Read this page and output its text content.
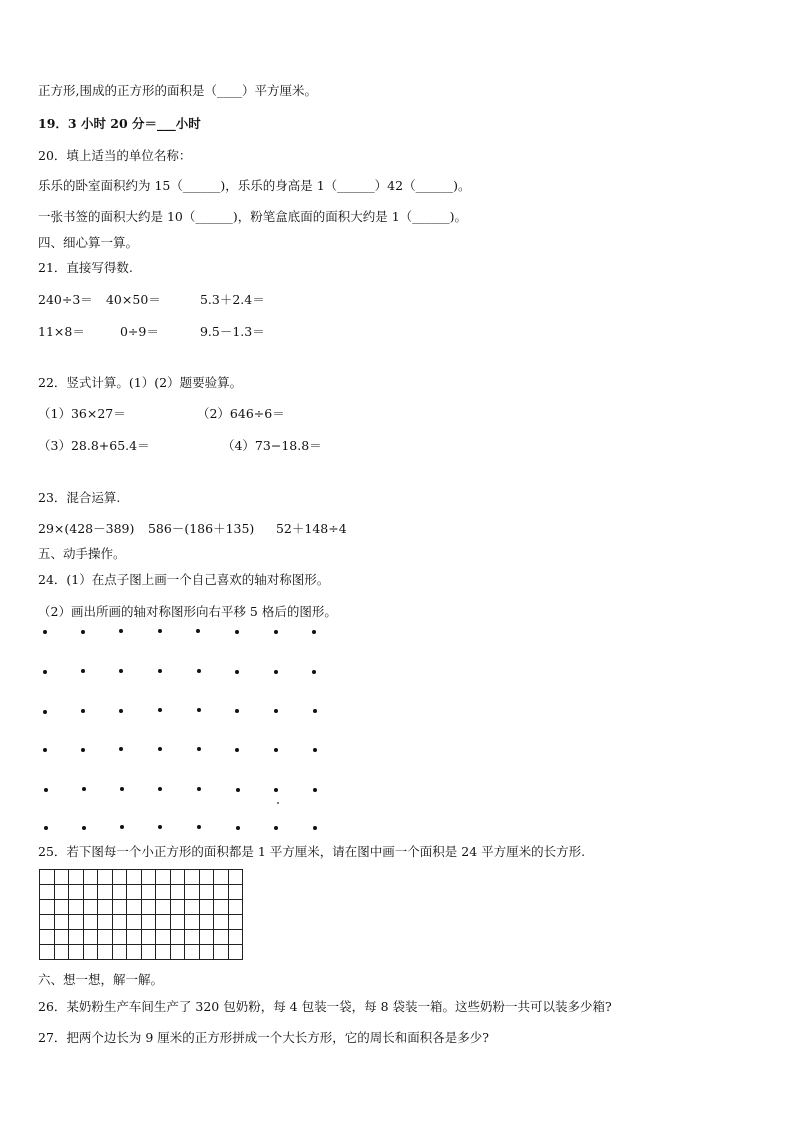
正方形,围成的正方形的面积是（____）平方厘米。
19．3 小时 20 分＝___小时
20．填上适当的单位名称：
乐乐的卧室面积约为 15（______)，乐乐的身高是 1（______）42（______)。
一张书签的面积大约是 10（______)，粉笔盒底面的面积大约是 1（______)。
四、细心算一算。
21．直接写得数.
240÷3＝ 40×50＝	5.3＋2.4＝
11×8＝	0÷9＝	9.5－1.3＝
22．竖式计算。(1）(2）题要验算。
（1）36×27＝	（2）646÷6＝
（3）28.8+65.4＝	（4）73−18.8＝
23．混合运算.
29×(428－389) 586－(186＋135) 52＋148÷4
五、动手操作。
24．(1）在点子图上画一个自己喜欢的轴对称图形。
（2）画出所画的轴对称图形向右平移 5 格后的图形。
25．若下图每一个小正方形的面积都是 1 平方厘米，请在图中画一个面积是 24 平方厘米的长方形.

六、想一想，解一解。
26．某奶粉生产车间生产了 320 包奶粉，每 4 包装一袋，每 8 袋装一箱。这些奶粉一共可以装多少箱?
27．把两个边长为 9 厘米的正方形拼成一个大长方形，它的周长和面积各是多少?
